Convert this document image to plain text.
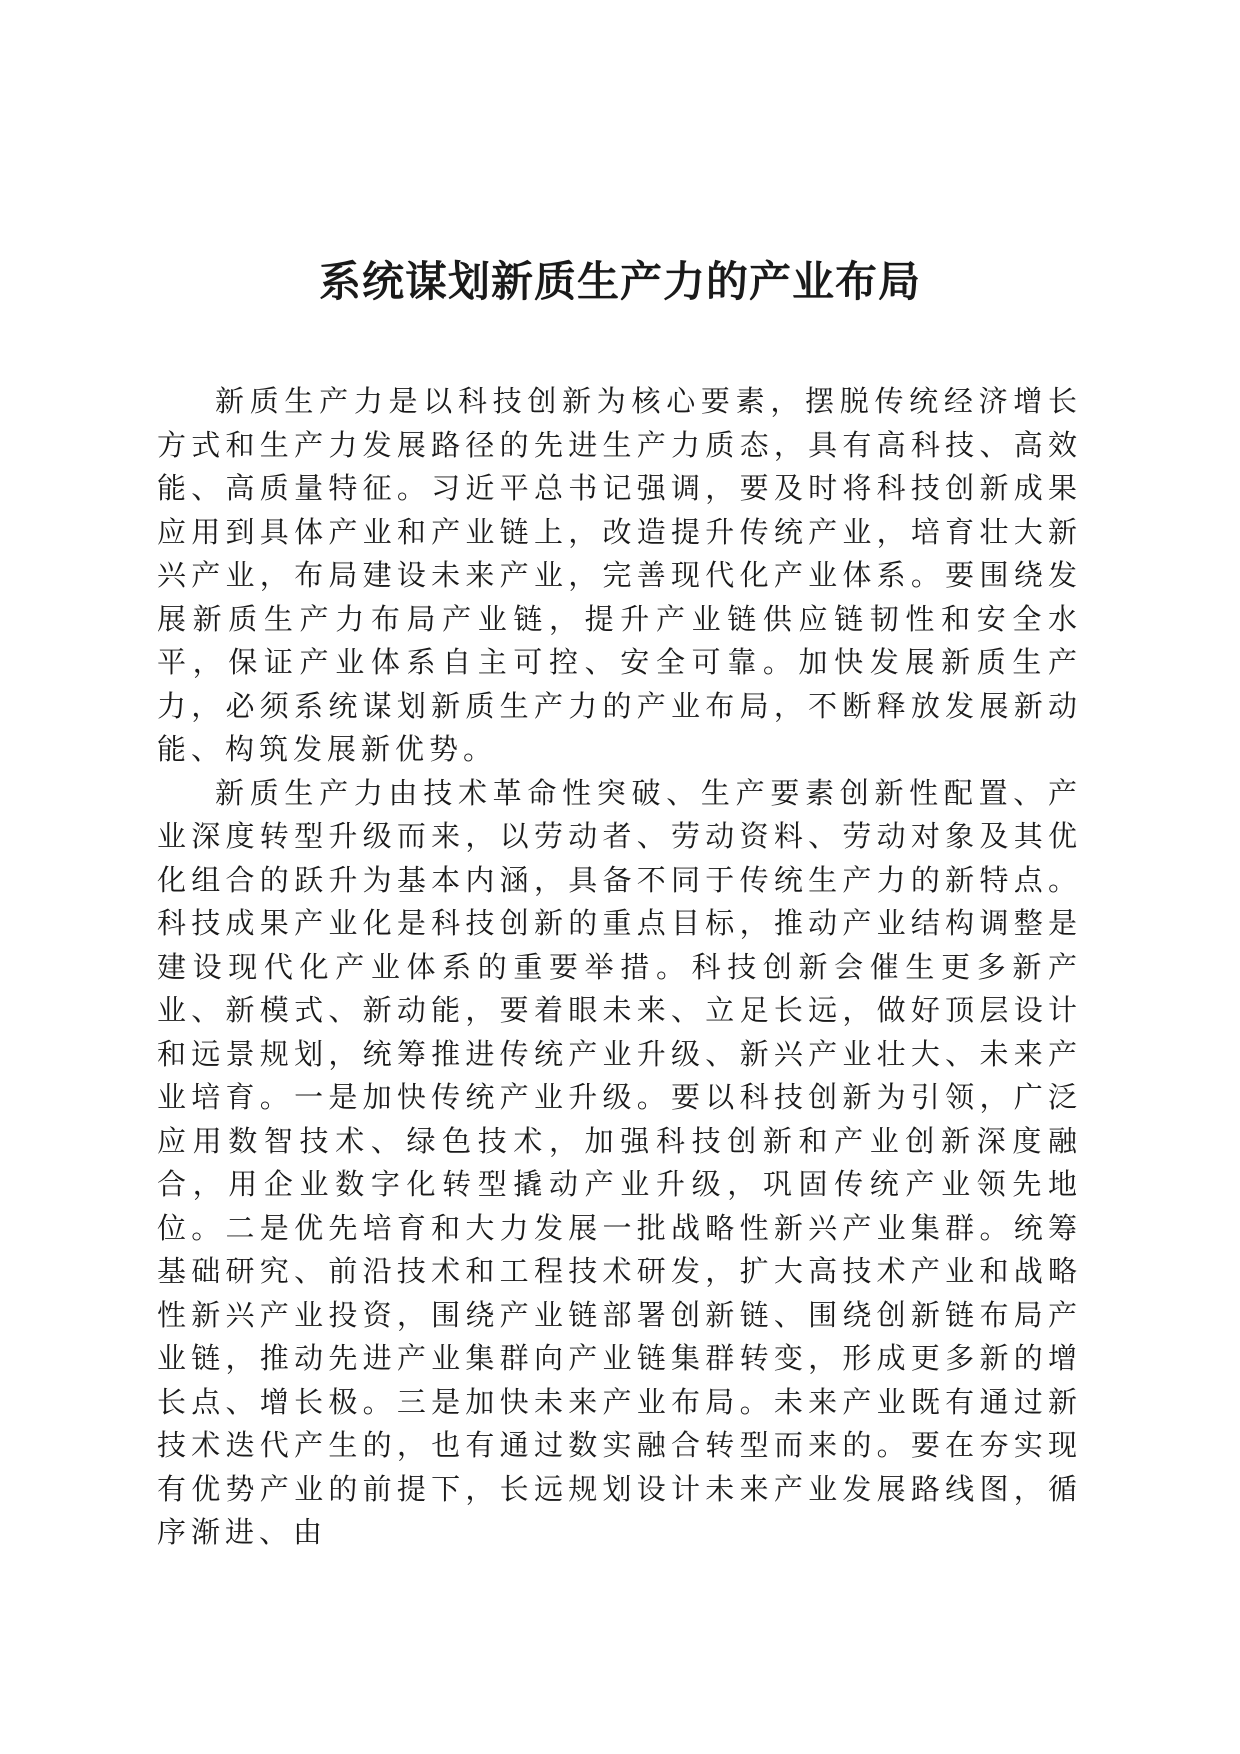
系统谋划新质生产力的产业布局

新质生产力是以科技创新为核心要素，摆脱传统经济增长方式和生产力发展路径的先进生产力质态，具有高科技、高效能、高质量特征。习近平总书记强调，要及时将科技创新成果应用到具体产业和产业链上，改造提升传统产业，培育壮大新兴产业，布局建设未来产业，完善现代化产业体系。要围绕发展新质生产力布局产业链，提升产业链供应链韧性和安全水平，保证产业体系自主可控、安全可靠。加快发展新质生产力，必须系统谋划新质生产力的产业布局，不断释放发展新动能、构筑发展新优势。

新质生产力由技术革命性突破、生产要素创新性配置、产业深度转型升级而来，以劳动者、劳动资料、劳动对象及其优化组合的跃升为基本内涵，具备不同于传统生产力的新特点。科技成果产业化是科技创新的重点目标，推动产业结构调整是建设现代化产业体系的重要举措。科技创新会催生更多新产业、新模式、新动能，要着眼未来、立足长远，做好顶层设计和远景规划，统筹推进传统产业升级、新兴产业壮大、未来产业培育。一是加快传统产业升级。要以科技创新为引领，广泛应用数智技术、绿色技术，加强科技创新和产业创新深度融合，用企业数字化转型撬动产业升级，巩固传统产业领先地位。二是优先培育和大力发展一批战略性新兴产业集群。统筹基础研究、前沿技术和工程技术研发，扩大高技术产业和战略性新兴产业投资，围绕产业链部署创新链、围绕创新链布局产业链，推动先进产业集群向产业链集群转变，形成更多新的增长点、增长极。三是加快未来产业布局。未来产业既有通过新技术迭代产生的，也有通过数实融合转型而来的。要在夯实现有优势产业的前提下，长远规划设计未来产业发展路线图，循序渐进、由
